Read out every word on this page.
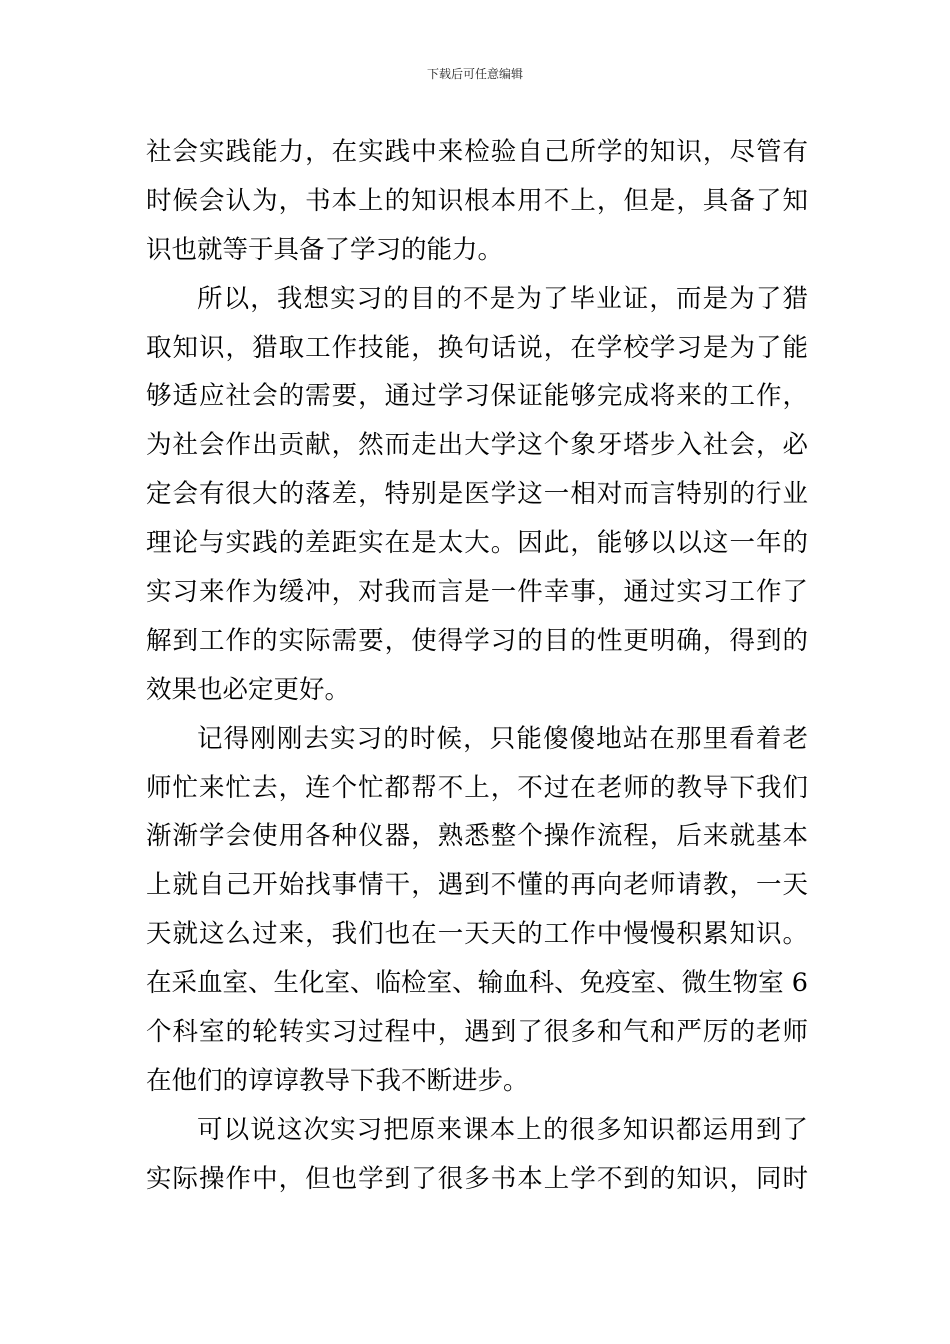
下载后可任意编辑
社会实践能力，在实践中来检验自己所学的知识，尽管有
时候会认为，书本上的知识根本用不上，但是，具备了知
识也就等于具备了学习的能力。
所以，我想实习的目的不是为了毕业证，而是为了猎
取知识，猎取工作技能，换句话说，在学校学习是为了能
够适应社会的需要，通过学习保证能够完成将来的工作，
为社会作出贡献，然而走出大学这个象牙塔步入社会，必
定会有很大的落差，特别是医学这一相对而言特别的行业
理论与实践的差距实在是太大。因此，能够以以这一年的
实习来作为缓冲，对我而言是一件幸事，通过实习工作了
解到工作的实际需要，使得学习的目的性更明确，得到的
效果也必定更好。
记得刚刚去实习的时候，只能傻傻地站在那里看着老
师忙来忙去，连个忙都帮不上，不过在老师的教导下我们
渐渐学会使用各种仪器，熟悉整个操作流程，后来就基本
上就自己开始找事情干，遇到不懂的再向老师请教，一天
天就这么过来，我们也在一天天的工作中慢慢积累知识。
在采血室、生化室、临检室、输血科、免疫室、微生物室 6
个科室的轮转实习过程中，遇到了很多和气和严厉的老师
在他们的谆谆教导下我不断进步。
可以说这次实习把原来课本上的很多知识都运用到了
实际操作中，但也学到了很多书本上学不到的知识，同时
